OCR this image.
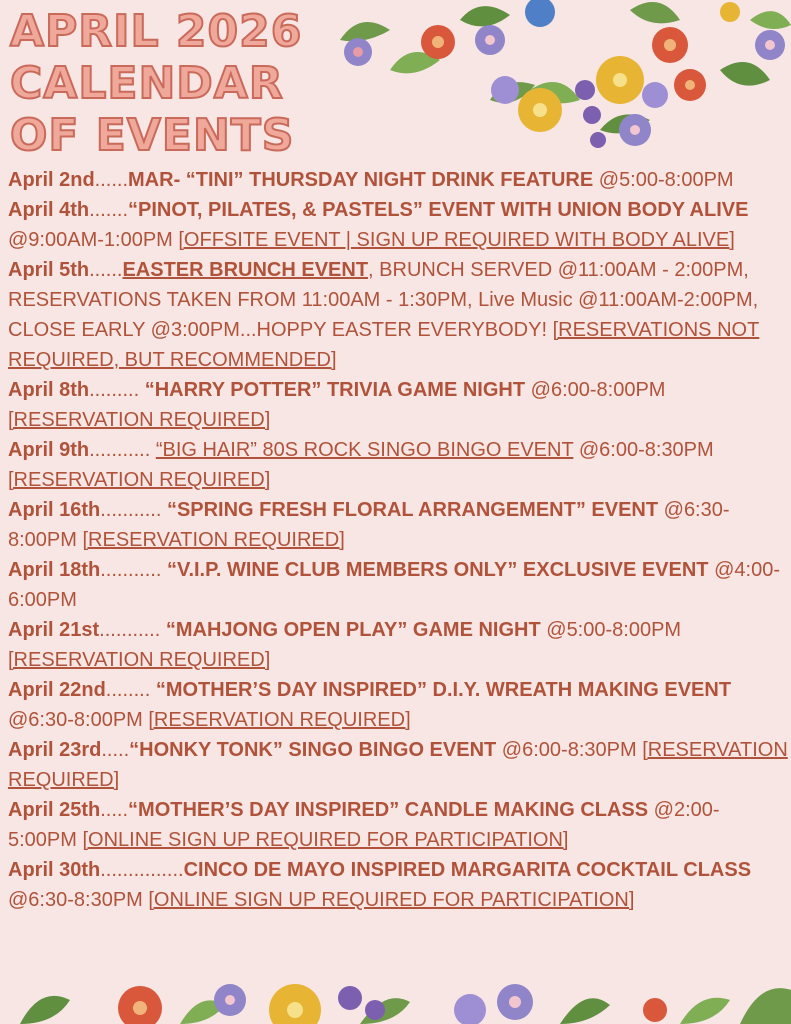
APRIL 2026
CALENDAR
OF EVENTS

April 2nd......MAR- “TINI” THURSDAY NIGHT DRINK FEATURE @5:00-8:00PM

April 4th.......“PINOT, PILATES, & PASTELS” EVENT WITH UNION BODY ALIVE @9:00AM-1:00PM [OFFSITE EVENT | SIGN UP REQUIRED WITH BODY ALIVE]

April 5th......EASTER BRUNCH EVENT, BRUNCH SERVED @11:00AM - 2:00PM, RESERVATIONS TAKEN FROM 11:00AM - 1:30PM, Live Music @11:00AM-2:00PM, CLOSE EARLY @3:00PM...HOPPY EASTER EVERYBODY! [RESERVATIONS NOT REQUIRED, BUT RECOMMENDED]

April 8th......... “HARRY POTTER” TRIVIA GAME NIGHT @6:00-8:00PM [RESERVATION REQUIRED]

April 9th........... “BIG HAIR” 80S ROCK SINGO BINGO EVENT @6:00-8:30PM [RESERVATION REQUIRED]

April 16th........... “SPRING FRESH FLORAL ARRANGEMENT” EVENT @6:30-8:00PM [RESERVATION REQUIRED]

April 18th........... “V.I.P. WINE CLUB MEMBERS ONLY” EXCLUSIVE EVENT @4:00-6:00PM

April 21st........... “MAHJONG OPEN PLAY” GAME NIGHT @5:00-8:00PM [RESERVATION REQUIRED]

April 22nd........ “MOTHER’S DAY INSPIRED” D.I.Y. WREATH MAKING EVENT @6:30-8:00PM [RESERVATION REQUIRED]

April 23rd.....“HONKY TONK” SINGO BINGO EVENT @6:00-8:30PM [RESERVATION REQUIRED]

April 25th.....“MOTHER’S DAY INSPIRED” CANDLE MAKING CLASS @2:00-5:00PM [ONLINE SIGN UP REQUIRED FOR PARTICIPATION]

April 30th...............CINCO DE MAYO INSPIRED MARGARITA COCKTAIL CLASS @6:30-8:30PM [ONLINE SIGN UP REQUIRED FOR PARTICIPATION]
